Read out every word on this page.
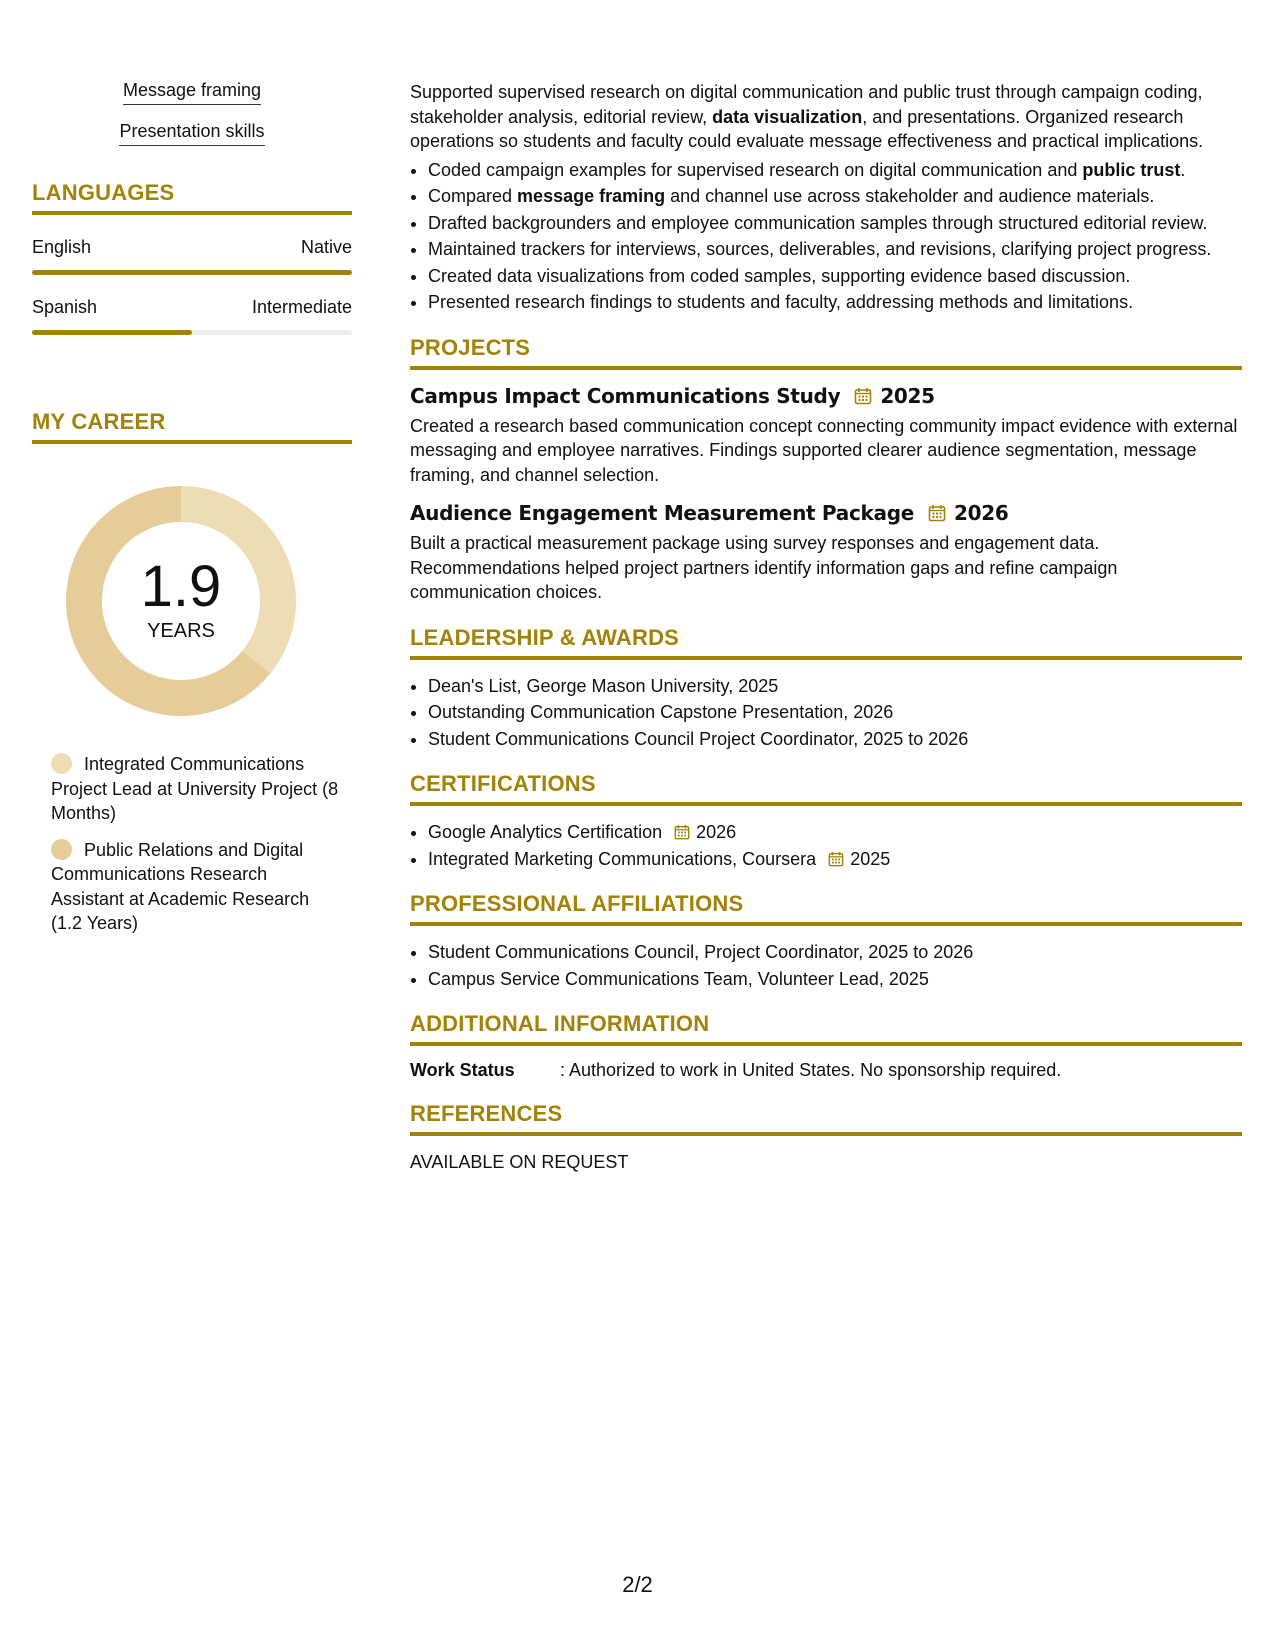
Message framing
Presentation skills
LANGUAGES
English	Native
Spanish	Intermediate
MY CAREER
1.9
YEARS
Integrated Communications Project Lead at University Project (8 Months)
Public Relations and Digital Communications Research Assistant at Academic Research (1.2 Years)

Supported supervised research on digital communication and public trust through campaign coding, stakeholder analysis, editorial review, data visualization, and presentations. Organized research operations so students and faculty could evaluate message effectiveness and practical implications.

• Coded campaign examples for supervised research on digital communication and public trust.
• Compared message framing and channel use across stakeholder and audience materials.
• Drafted backgrounders and employee communication samples through structured editorial review.
• Maintained trackers for interviews, sources, deliverables, and revisions, clarifying project progress.
• Created data visualizations from coded samples, supporting evidence based discussion.
• Presented research findings to students and faculty, addressing methods and limitations.
PROJECTS
Campus Impact Communications Study 2025

Created a research based communication concept connecting community impact evidence with external messaging and employee narratives. Findings supported clearer audience segmentation, message framing, and channel selection.

Audience Engagement Measurement Package 2026

Built a practical measurement package using survey responses and engagement data. Recommendations helped project partners identify information gaps and refine campaign communication choices.

LEADERSHIP & AWARDS
• Dean's List, George Mason University, 2025
• Outstanding Communication Capstone Presentation, 2026
• Student Communications Council Project Coordinator, 2025 to 2026
CERTIFICATIONS
• Google Analytics Certification 2026
• Integrated Marketing Communications, Coursera 2025
PROFESSIONAL AFFILIATIONS
• Student Communications Council, Project Coordinator, 2025 to 2026
• Campus Service Communications Team, Volunteer Lead, 2025
ADDITIONAL INFORMATION
Work Status	: Authorized to work in United States. No sponsorship required.
REFERENCES
AVAILABLE ON REQUEST
2/2
